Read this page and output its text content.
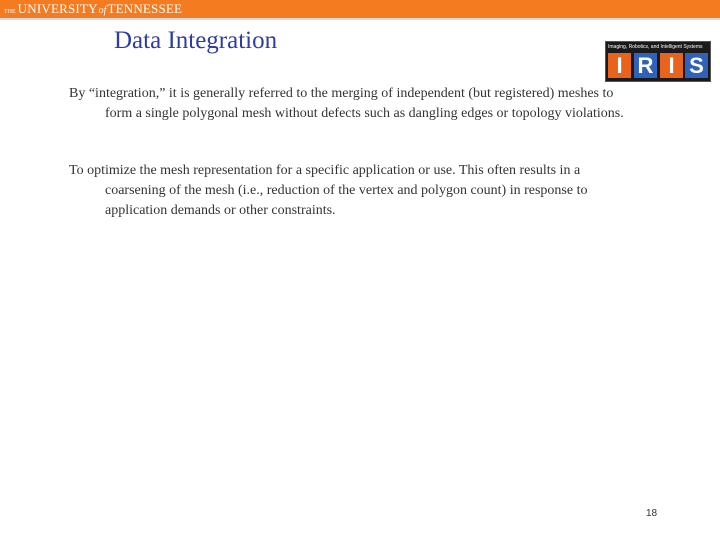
THE UNIVERSITY of TENNESSEE
Data Integration	Imaging, Robotics, and Intelligent Systems
I R I S
By “integration,” it is generally referred to the merging of independent (but registered) meshes to form a single polygonal mesh without defects such as dangling edges or topology violations.
To optimize the mesh representation for a specific application or use. This often results in a coarsening of the mesh (i.e., reduction of the vertex and polygon count) in response to application demands or other constraints.
18
